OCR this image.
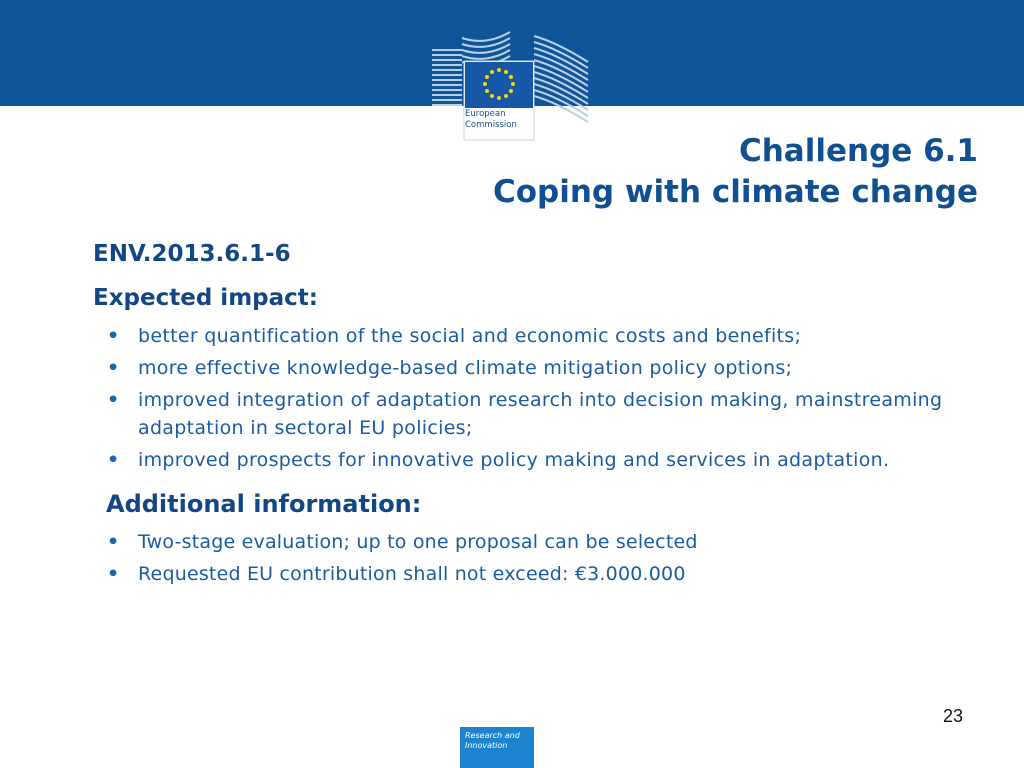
European
Commission
Challenge 6.1
Coping with climate change

ENV.2013.6.1-6

Expected impact:

• better quantification of the social and economic costs and benefits;
• more effective knowledge-based climate mitigation policy options;
• improved integration of adaptation research into decision making, mainstreaming adaptation in sectoral EU policies;
• improved prospects for innovative policy making and services in adaptation.

Additional information:

• Two-stage evaluation; up to one proposal can be selected
• Requested EU contribution shall not exceed: €3.000.000
23
Research and
Innovation
